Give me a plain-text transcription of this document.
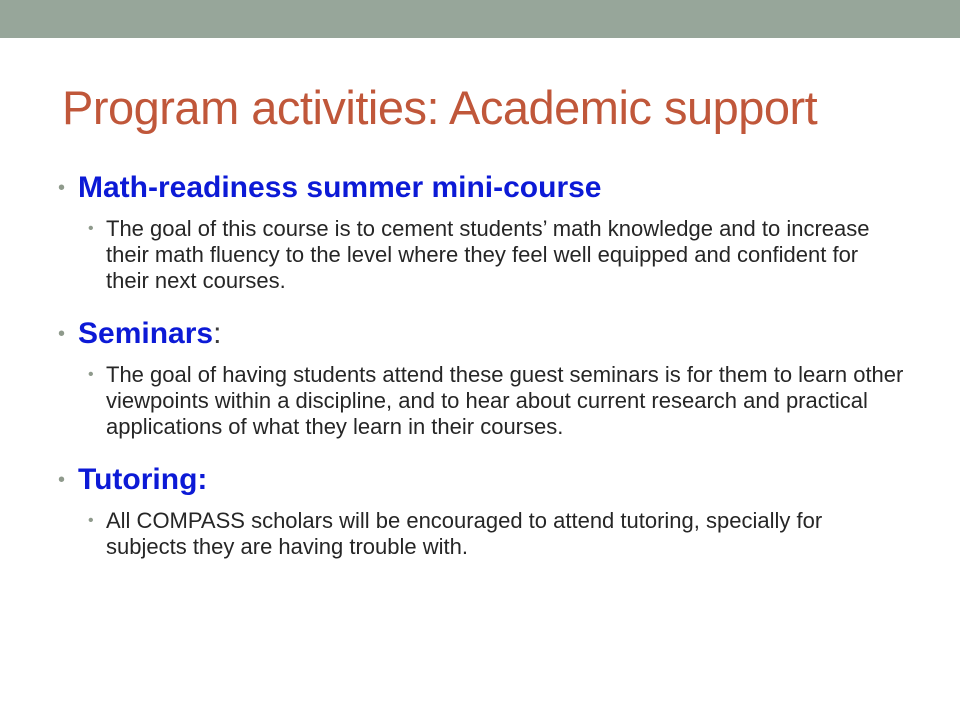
Program activities: Academic support
• Math-readiness summer mini-course
• The goal of this course is to cement students’ math knowledge and to increase their math fluency to the level where they feel well equipped and confident for their next courses.
• Seminars:
• The goal of having students attend these guest seminars is for them to learn other viewpoints within a discipline, and to hear about current research and practical applications of what they learn in their courses.
• Tutoring:
• All COMPASS scholars will be encouraged to attend tutoring, specially for subjects they are having trouble with.
